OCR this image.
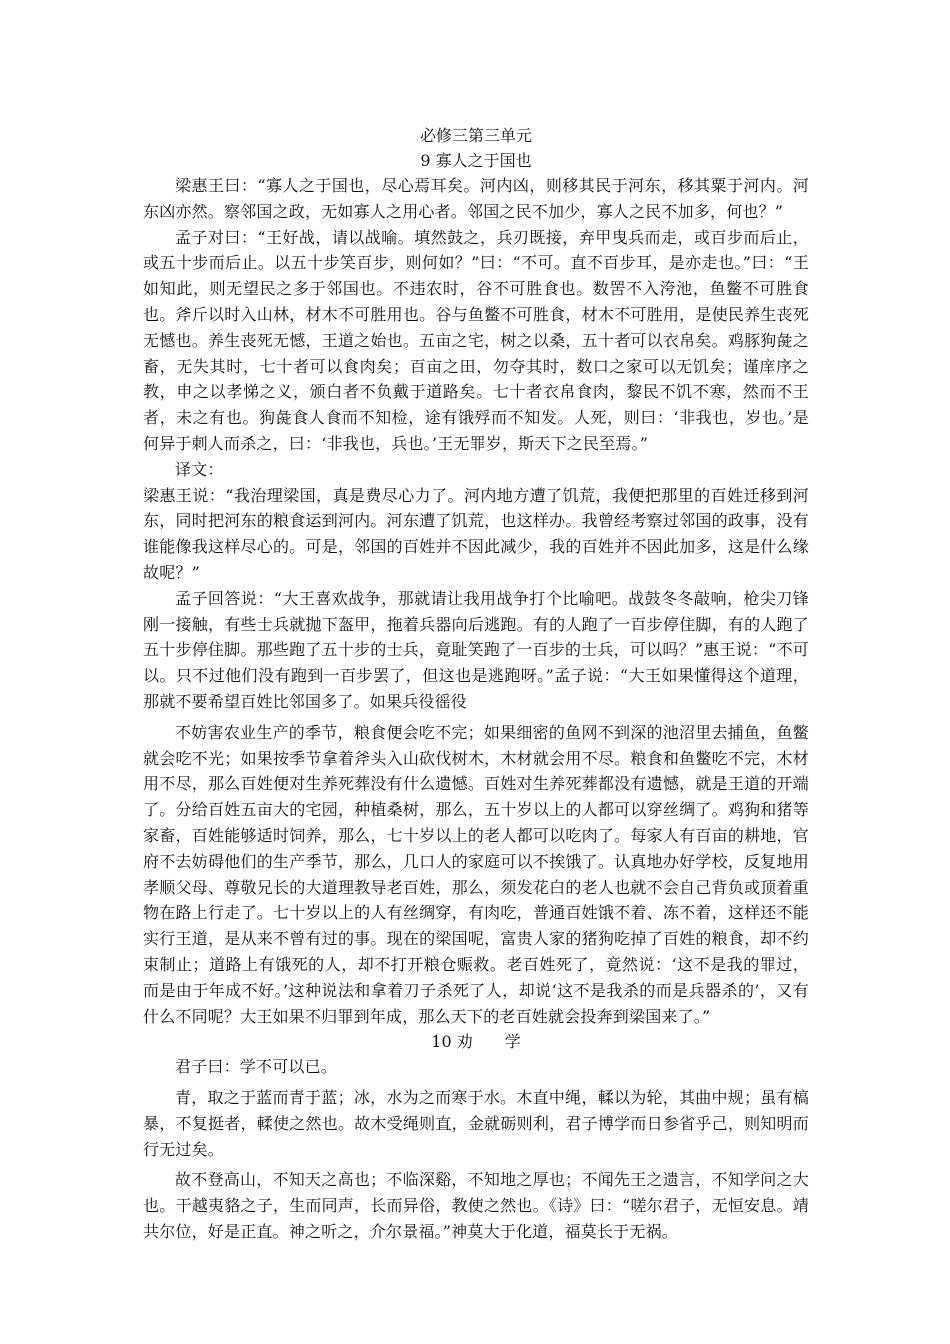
必修三第三单元

9 寡人之于国也

梁惠王曰：“寡人之于国也，尽心焉耳矣。河内凶，则移其民于河东，移其粟于河内。河东凶亦然。察邻国之政，无如寡人之用心者。邻国之民不加少，寡人之民不加多，何也？”

孟子对曰：“王好战，请以战喻。填然鼓之，兵刃既接，弃甲曳兵而走，或百步而后止，或五十步而后止。以五十步笑百步，则何如？”曰：“不可。直不百步耳，是亦走也。”曰：“王如知此，则无望民之多于邻国也。不违农时，谷不可胜食也。数罟不入洿池，鱼鳖不可胜食也。斧斤以时入山林，材木不可胜用也。谷与鱼鳖不可胜食，材木不可胜用，是使民养生丧死无憾也。养生丧死无憾，王道之始也。五亩之宅，树之以桑，五十者可以衣帛矣。鸡豚狗彘之畜，无失其时，七十者可以食肉矣；百亩之田，勿夺其时，数口之家可以无饥矣；谨庠序之教，申之以孝悌之义，颁白者不负戴于道路矣。七十者衣帛食肉，黎民不饥不寒，然而不王者，未之有也。狗彘食人食而不知检，途有饿殍而不知发。人死，则曰：‘非我也，岁也。’是何异于刺人而杀之，曰：‘非我也，兵也。’王无罪岁，斯天下之民至焉。”

译文：

梁惠王说：“我治理梁国，真是费尽心力了。河内地方遭了饥荒，我便把那里的百姓迁移到河东，同时把河东的粮食运到河内。河东遭了饥荒，也这样办。我曾经考察过邻国的政事，没有谁能像我这样尽心的。可是，邻国的百姓并不因此减少，我的百姓并不因此加多，这是什么缘故呢？”

孟子回答说：“大王喜欢战争，那就请让我用战争打个比喻吧。战鼓冬冬敲响，枪尖刀锋刚一接触，有些士兵就抛下盔甲，拖着兵器向后逃跑。有的人跑了一百步停住脚，有的人跑了五十步停住脚。那些跑了五十步的士兵，竟耻笑跑了一百步的士兵，可以吗？”惠王说：“不可以。只不过他们没有跑到一百步罢了，但这也是逃跑呀。”孟子说：“大王如果懂得这个道理，那就不要希望百姓比邻国多了。如果兵役徭役

不妨害农业生产的季节，粮食便会吃不完；如果细密的鱼网不到深的池沼里去捕鱼，鱼鳖就会吃不光；如果按季节拿着斧头入山砍伐树木，木材就会用不尽。粮食和鱼鳖吃不完，木材用不尽，那么百姓便对生养死葬没有什么遗憾。百姓对生养死葬都没有遗憾，就是王道的开端了。分给百姓五亩大的宅园，种植桑树，那么，五十岁以上的人都可以穿丝绸了。鸡狗和猪等家畜，百姓能够适时饲养，那么，七十岁以上的老人都可以吃肉了。每家人有百亩的耕地，官府不去妨碍他们的生产季节，那么，几口人的家庭可以不挨饿了。认真地办好学校，反复地用孝顺父母、尊敬兄长的大道理教导老百姓，那么，须发花白的老人也就不会自己背负或顶着重物在路上行走了。七十岁以上的人有丝绸穿，有肉吃，普通百姓饿不着、冻不着，这样还不能实行王道，是从来不曾有过的事。现在的梁国呢，富贵人家的猪狗吃掉了百姓的粮食，却不约束制止；道路上有饿死的人，却不打开粮仓赈救。老百姓死了，竟然说：‘这不是我的罪过，而是由于年成不好。’这种说法和拿着刀子杀死了人，却说‘这不是我杀的而是兵器杀的’，又有什么不同呢？大王如果不归罪到年成，那么天下的老百姓就会投奔到梁国来了。”

10 劝　　学

君子曰：学不可以已。

青，取之于蓝而青于蓝；冰，水为之而寒于水。木直中绳，輮以为轮，其曲中规；虽有槁暴，不复挺者，輮使之然也。故木受绳则直，金就砺则利，君子博学而日参省乎己，则知明而行无过矣。

故不登高山，不知天之高也；不临深谿，不知地之厚也；不闻先王之遗言，不知学问之大也。干越夷貉之子，生而同声，长而异俗，教使之然也。《诗》曰：“嗟尔君子，无恒安息。靖共尔位，好是正直。神之听之，介尔景福。”神莫大于化道，福莫长于无祸。
